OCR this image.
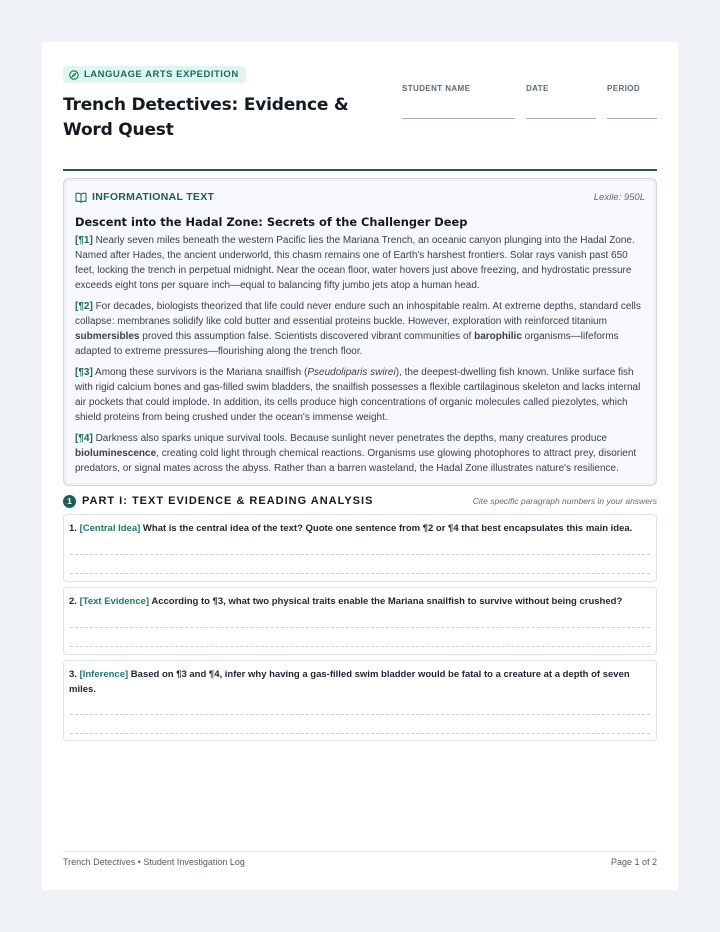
LANGUAGE ARTS EXPEDITION
Trench Detectives: Evidence & Word Quest
STUDENT NAME	DATE	PERIOD
INFORMATIONAL TEXT	Lexile: 950L
Descent into the Hadal Zone: Secrets of the Challenger Deep

[¶1] Nearly seven miles beneath the western Pacific lies the Mariana Trench, an oceanic canyon plunging into the Hadal Zone. Named after Hades, the ancient underworld, this chasm remains one of Earth's harshest frontiers. Solar rays vanish past 650 feet, locking the trench in perpetual midnight. Near the ocean floor, water hovers just above freezing, and hydrostatic pressure exceeds eight tons per square inch—equal to balancing fifty jumbo jets atop a human head.

[¶2] For decades, biologists theorized that life could never endure such an inhospitable realm. At extreme depths, standard cells collapse: membranes solidify like cold butter and essential proteins buckle. However, exploration with reinforced titanium submersibles proved this assumption false. Scientists discovered vibrant communities of barophilic organisms—lifeforms adapted to extreme pressures—flourishing along the trench floor.

[¶3] Among these survivors is the Mariana snailfish (Pseudoliparis swirei), the deepest-dwelling fish known. Unlike surface fish with rigid calcium bones and gas-filled swim bladders, the snailfish possesses a flexible cartilaginous skeleton and lacks internal air pockets that could implode. In addition, its cells produce high concentrations of organic molecules called piezolytes, which shield proteins from being crushed under the ocean's immense weight.

[¶4] Darkness also sparks unique survival tools. Because sunlight never penetrates the depths, many creatures produce bioluminescence, creating cold light through chemical reactions. Organisms use glowing photophores to attract prey, disorient predators, or signal mates across the abyss. Rather than a barren wasteland, the Hadal Zone illustrates nature's resilience.

1 PART I: TEXT EVIDENCE & READING ANALYSIS	Cite specific paragraph numbers in your answers
1. [Central Idea] What is the central idea of the text? Quote one sentence from ¶2 or ¶4 that best encapsulates this main idea.
2. [Text Evidence] According to ¶3, what two physical traits enable the Mariana snailfish to survive without being crushed?
3. [Inference] Based on ¶3 and ¶4, infer why having a gas-filled swim bladder would be fatal to a creature at a depth of seven miles.
Trench Detectives • Student Investigation Log	Page 1 of 2
